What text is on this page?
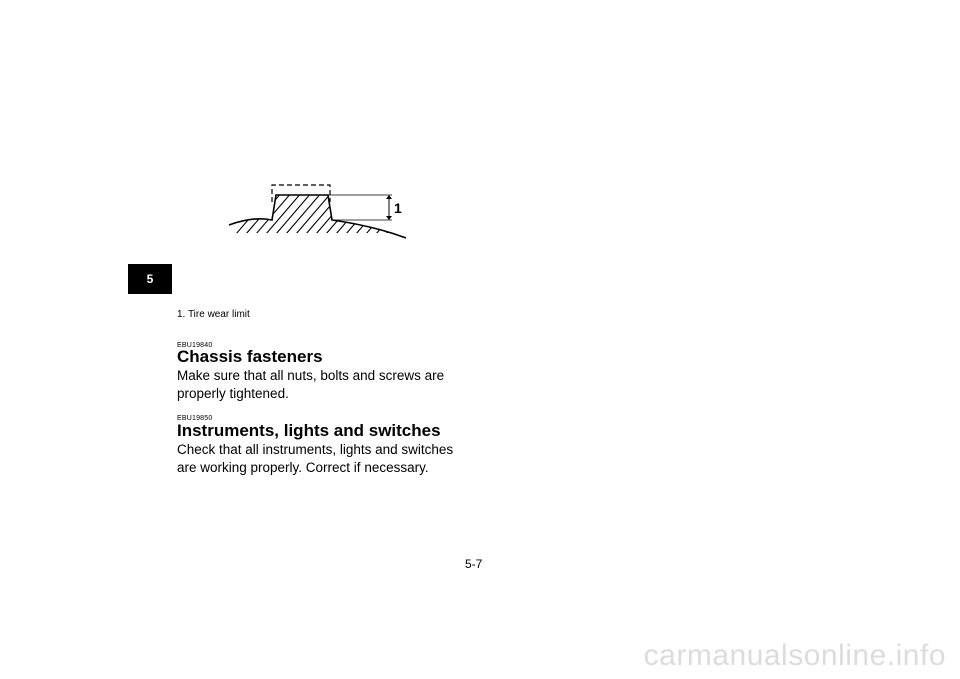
5
1
1. Tire wear limit
EBU19840
Chassis fasteners

Make sure that all nuts, bolts and screws are properly tightened.

EBU19850
Instruments, lights and switches

Check that all instruments, lights and switches are working properly. Correct if necessary.

5-7
carmanualsonline.info
